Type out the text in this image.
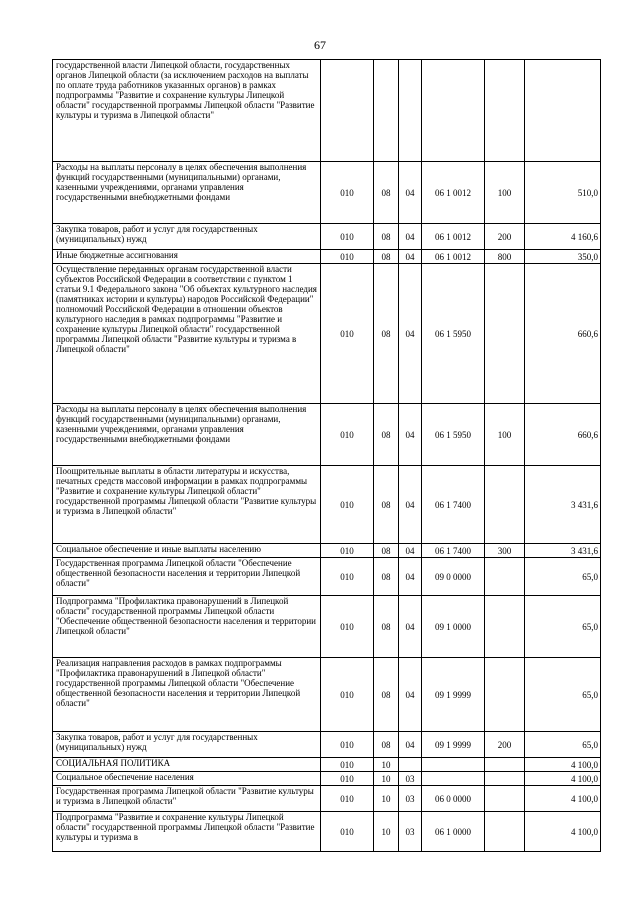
67
государственной власти Липецкой области, государственных органов Липецкой области (за исключением расходов на выплаты по оплате труда работников указанных органов) в рамках подпрограммы "Развитие и сохранение культуры Липецкой области" государственной программы Липецкой области "Развитие культуры и туризма в Липецкой области"						
Расходы на выплаты персоналу в целях обеспечения выполнения функций государственными (муниципальными) органами, казенными учреждениями, органами управления государственными внебюджетными фондами	010	08	04	06 1 0012	100	510,0
Закупка товаров, работ и услуг для государственных (муниципальных) нужд	010	08	04	06 1 0012	200	4 160,6
Иные бюджетные ассигнования	010	08	04	06 1 0012	800	350,0
Осуществление переданных органам государственной власти субъектов Российской Федерации в соответствии с пунктом 1 статьи 9.1 Федерального закона "Об объектах культурного наследия (памятниках истории и культуры) народов Российской Федерации" полномочий Российской Федерации в отношении объектов культурного наследия в рамках подпрограммы "Развитие и сохранение культуры Липецкой области" государственной программы Липецкой области "Развитие культуры и туризма в Липецкой области"	010	08	04	06 1 5950		660,6
Расходы на выплаты персоналу в целях обеспечения выполнения функций государственными (муниципальными) органами, казенными учреждениями, органами управления государственными внебюджетными фондами	010	08	04	06 1 5950	100	660,6
Поощрительные выплаты в области литературы и искусства, печатных средств массовой информации в рамках подпрограммы "Развитие и сохранение культуры Липецкой области" государственной программы Липецкой области "Развитие культуры и туризма в Липецкой области"	010	08	04	06 1 7400		3 431,6
Социальное обеспечение и иные выплаты населению	010	08	04	06 1 7400	300	3 431,6
Государственная программа Липецкой области "Обеспечение общественной безопасности населения и территории Липецкой области"	010	08	04	09 0 0000		65,0
Подпрограмма "Профилактика правонарушений в Липецкой области" государственной программы Липецкой области "Обеспечение общественной безопасности населения и территории Липецкой области"	010	08	04	09 1 0000		65,0
Реализация направления расходов в рамках подпрограммы "Профилактика правонарушений в Липецкой области" государственной программы Липецкой области "Обеспечение общественной безопасности населения и территории Липецкой области"	010	08	04	09 1 9999		65,0
Закупка товаров, работ и услуг для государственных (муниципальных) нужд	010	08	04	09 1 9999	200	65,0
СОЦИАЛЬНАЯ ПОЛИТИКА	010	10				4 100,0
Социальное обеспечение населения	010	10	03			4 100,0
Государственная программа Липецкой области "Развитие культуры и туризма в Липецкой области"	010	10	03	06 0 0000		4 100,0
Подпрограмма "Развитие и сохранение культуры Липецкой области" государственной программы Липецкой области "Развитие культуры и туризма в	010	10	03	06 1 0000		4 100,0
